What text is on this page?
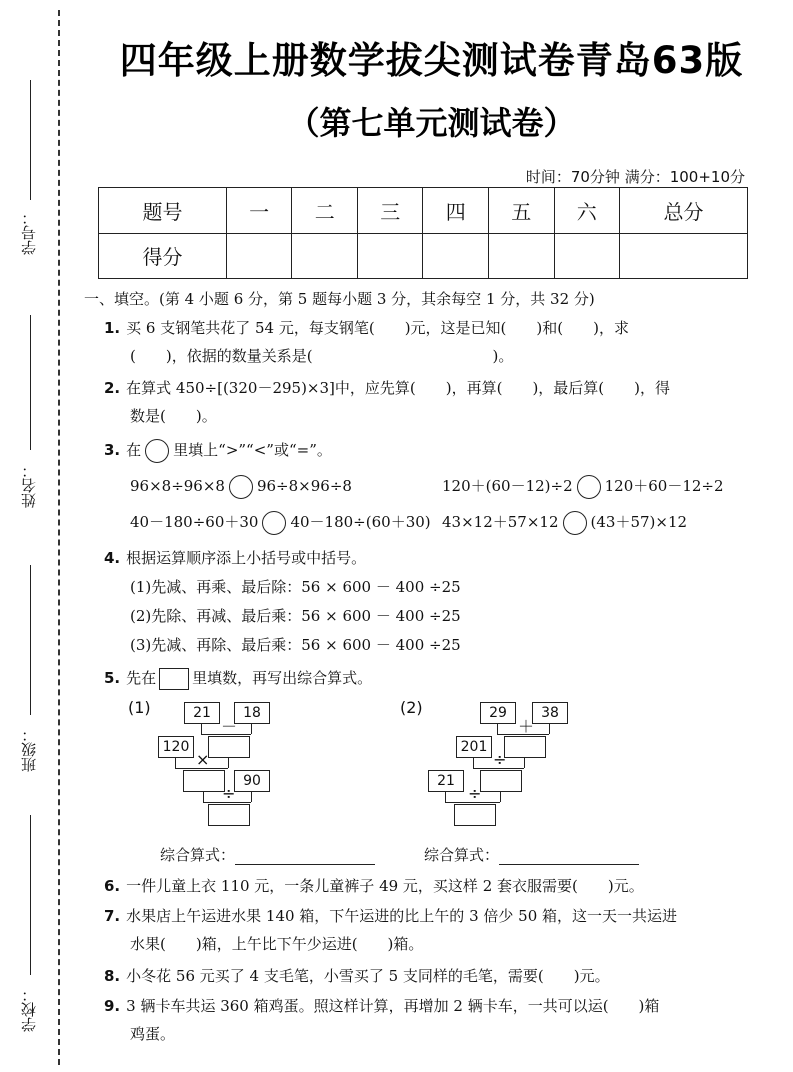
学号：
姓名：
班级：
学校：
四年级上册数学拔尖测试卷青岛63版
（第七单元测试卷）
时间：70分钟 满分：100+10分
题号	一	二	三	四	五	六	总分
得分							
一、填空。(第 4 小题 6 分，第 5 题每小题 3 分，其余每空 1 分，共 32 分)
1. 买 6 支钢笔共花了 54 元，每支钢笔(　　)元，这是已知(　　)和(　　)，求
(　　)，依据的数量关系是(　　　　　　　　　　　　)。
2. 在算式 450÷[(320－295)×3]中，应先算(　　)，再算(　　)，最后算(　　)，得
数是(　　)。
3. 在 里填上“>”“<”或“=”。
96×8÷96×8 96÷8×96÷8	120＋(60－12)÷2 120＋60－12÷2
40－180÷60＋30 40－180÷(60＋30) 43×12＋57×12 (43＋57)×12
4. 根据运算顺序添上小括号或中括号。
(1)先减、再乘、最后除：56 × 600 － 400 ÷25
(2)先除、再减、最后乘：56 × 600 － 400 ÷25
(3)先减、再除、最后乘：56 × 600 － 400 ÷25
5. 先在 里填数，再写出综合算式。
(1)	21	18
－
120
×
90
÷
(2)	29	38
＋
201
÷
21
÷
综合算式：	综合算式：
6. 一件儿童上衣 110 元，一条儿童裤子 49 元，买这样 2 套衣服需要(　　)元。
7. 水果店上午运进水果 140 箱，下午运进的比上午的 3 倍少 50 箱，这一天一共运进
水果(　　)箱，上午比下午少运进(　　)箱。
8. 小冬花 56 元买了 4 支毛笔，小雪买了 5 支同样的毛笔，需要(　　)元。
9. 3 辆卡车共运 360 箱鸡蛋。照这样计算，再增加 2 辆卡车，一共可以运(　　)箱
鸡蛋。
